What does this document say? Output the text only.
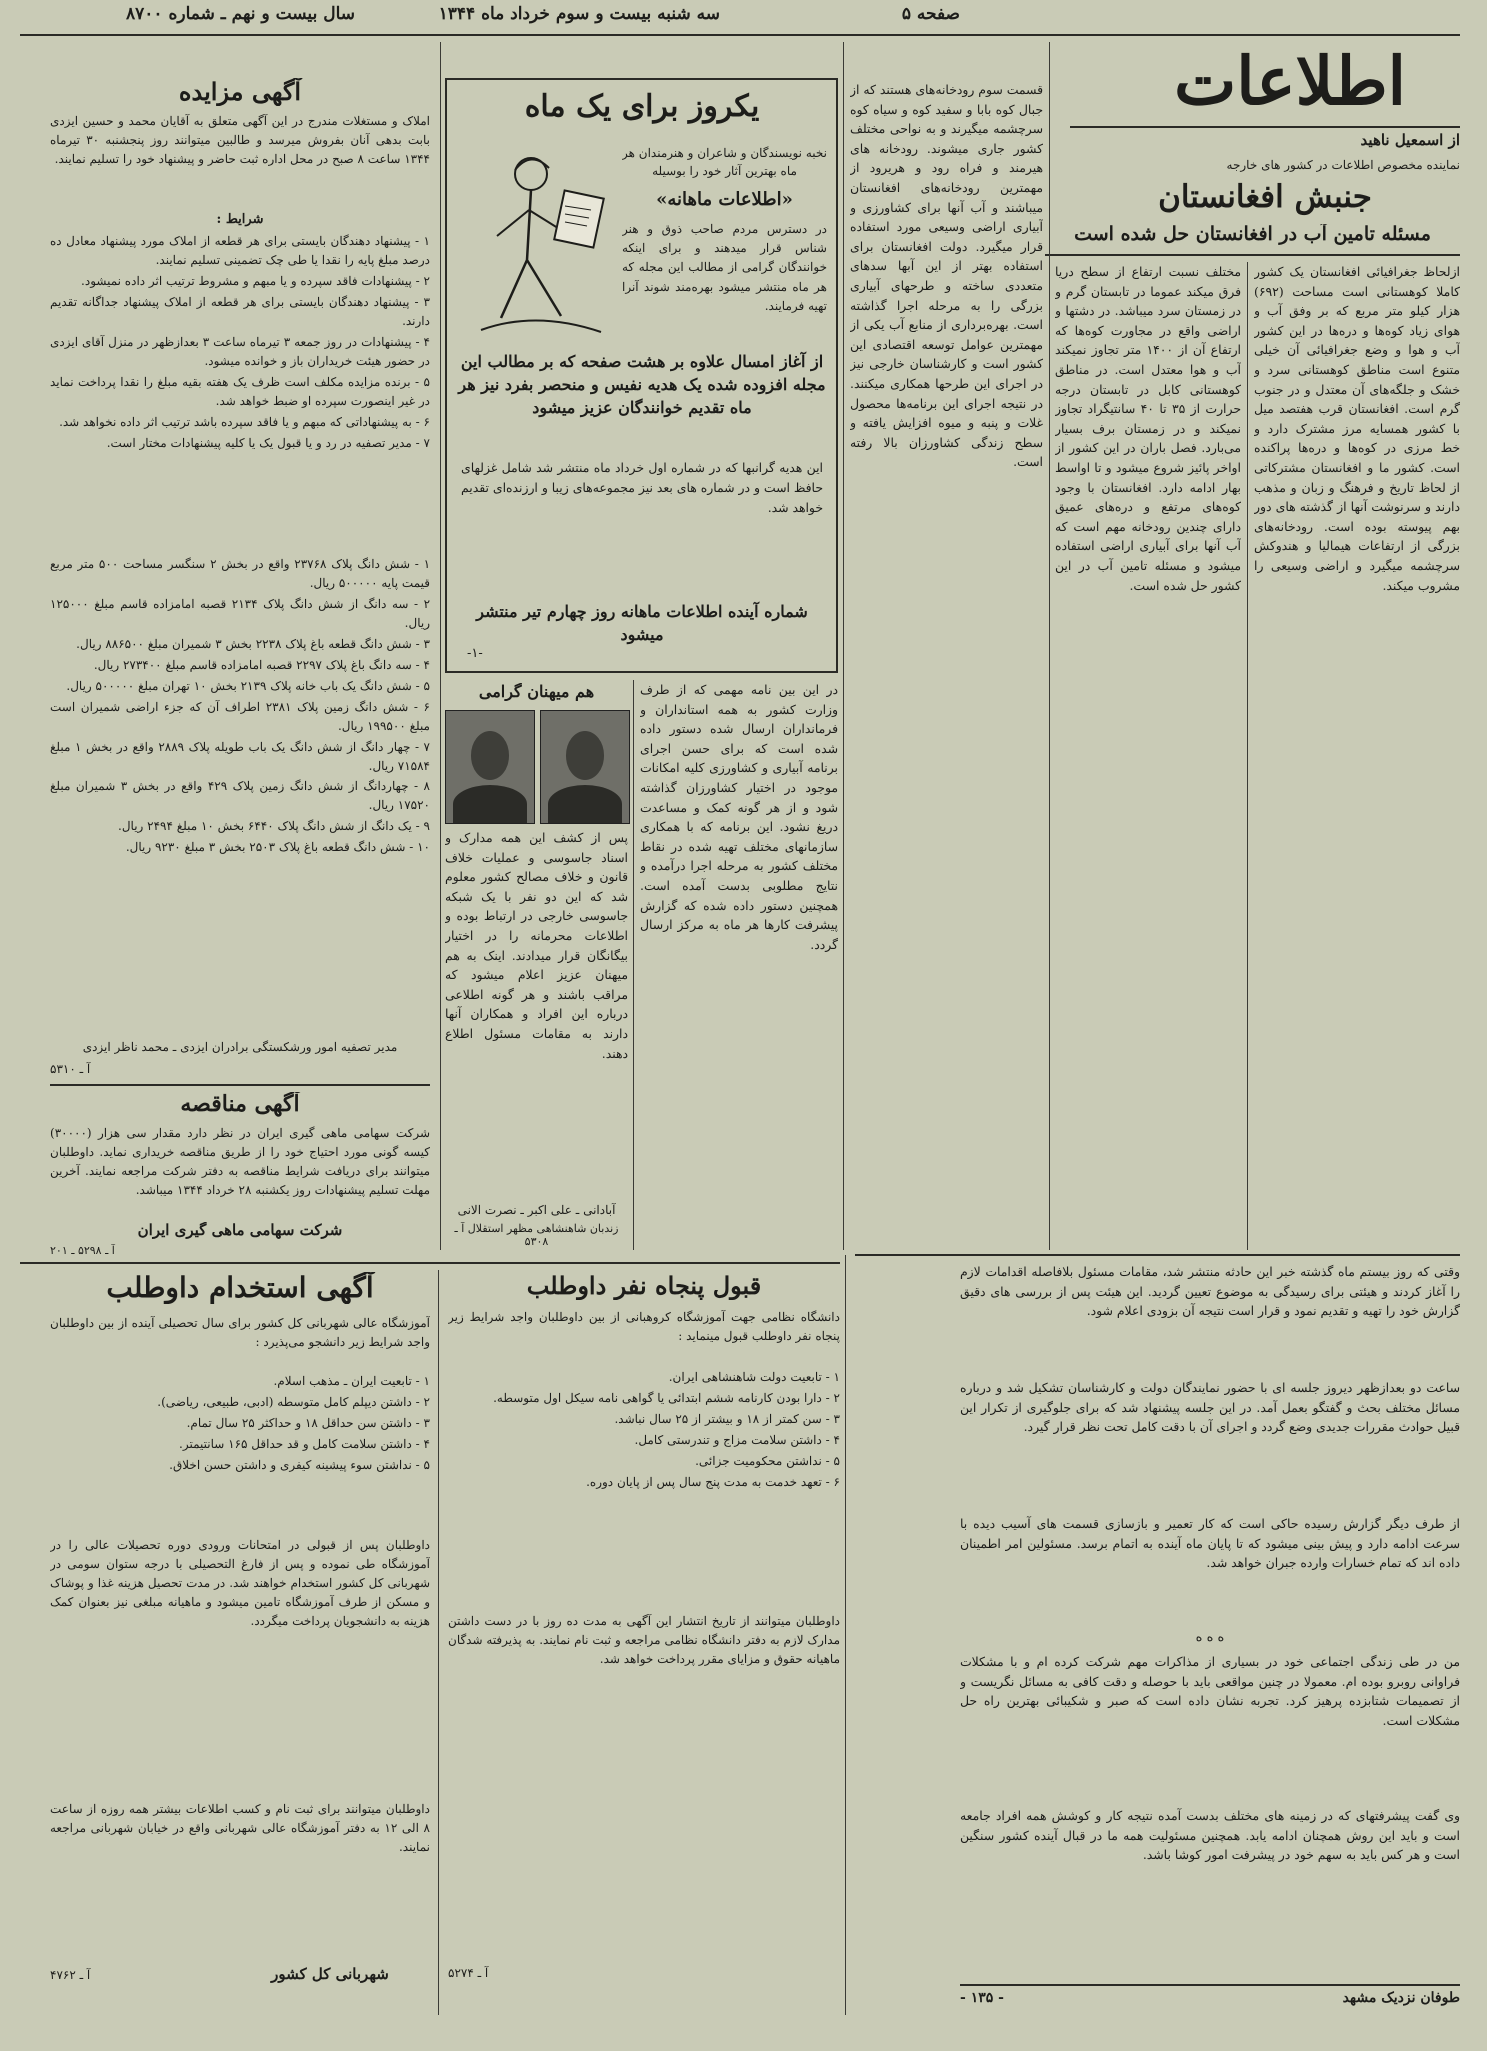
صفحه ۵
سه شنبه بیست و سوم خرداد ماه ۱۳۴۴
سال بیست و نهم ـ شماره ۸۷۰۰
اطلاعات
از اسمعیل ناهید
نماینده مخصوص اطلاعات در کشور های خارجه
جنبش افغانستان
مسئله تامین آب در افغانستان حل شده است
ازلحاظ جغرافیائی افغانستان یک کشور کاملا کوهستانی است مساحت (۶۹۲) هزار کیلو متر مربع که بر وفق آب و هوای زیاد کوه‌ها و دره‌ها در این کشور آب و هوا و وضع جغرافیائی آن خیلی متنوع است مناطق کوهستانی سرد و خشک و جلگه‌های آن معتدل و در جنوب گرم است. افغانستان قرب هفتصد میل با کشور همسایه مرز مشترک دارد و خط مرزی در کوه‌ها و دره‌ها پراکنده است. کشور ما و افغانستان مشترکاتی از لحاظ تاریخ و فرهنگ و زبان و مذهب دارند و سرنوشت آنها از گذشته های دور بهم پیوسته بوده است. رودخانه‌های بزرگی از ارتفاعات هیمالیا و هندوکش سرچشمه میگیرد و اراضی وسیعی را مشروب میکند.
مختلف نسبت ارتفاع از سطح دریا فرق میکند عموما در تابستان گرم و در زمستان سرد میباشد. در دشتها و اراضی واقع در مجاورت کوه‌ها که ارتفاع آن از ۱۴۰۰ متر تجاوز نمیکند آب و هوا معتدل است. در مناطق کوهستانی کابل در تابستان درجه حرارت از ۳۵ تا ۴۰ سانتیگراد تجاوز نمیکند و در زمستان برف بسیار می‌بارد. فصل باران در این کشور از اواخر پائیز شروع میشود و تا اواسط بهار ادامه دارد. افغانستان با وجود کوه‌های مرتفع و دره‌های عمیق دارای چندین رودخانه مهم است که آب آنها برای آبیاری اراضی استفاده میشود و مسئله تامین آب در این کشور حل شده است.
قسمت سوم رودخانه‌های هستند که از جبال کوه بابا و سفید کوه و سیاه کوه سرچشمه میگیرند و به نواحی مختلف کشور جاری میشوند. رودخانه های هیرمند و فراه رود و هریرود از مهمترین رودخانه‌های افغانستان میباشند و آب آنها برای کشاورزی و آبیاری اراضی وسیعی مورد استفاده قرار میگیرد. دولت افغانستان برای استفاده بهتر از این آبها سدهای متعددی ساخته و طرحهای آبیاری بزرگی را به مرحله اجرا گذاشته است. بهره‌برداری از منابع آب یکی از مهمترین عوامل توسعه اقتصادی این کشور است و کارشناسان خارجی نیز در اجرای این طرحها همکاری میکنند. در نتیجه اجرای این برنامه‌ها محصول غلات و پنبه و میوه افزایش یافته و سطح زندگی کشاورزان بالا رفته است.
یکروز برای یک ماه
نخبه نویسندگان و شاعران و هنرمندان هر ماه بهترین آثار خود را بوسیله
«اطلاعات ماهانه»
در دسترس مردم صاحب ذوق و هنر شناس قرار میدهند و برای اینکه خوانندگان گرامی از مطالب این مجله که هر ماه منتشر میشود بهره‌مند شوند آنرا تهیه فرمایند.
از آغاز امسال علاوه بر هشت صفحه که بر مطالب این مجله افزوده شده یک هدیه نفیس و منحصر بفرد نیز هر ماه تقدیم خوانندگان عزیز میشود
این هدیه گرانبها که در شماره اول خرداد ماه منتشر شد شامل غزلهای حافظ است و در شماره های بعد نیز مجموعه‌های زیبا و ارزنده‌ای تقدیم خواهد شد.
شماره آینده اطلاعات ماهانه روز چهارم تیر منتشر میشود
-۱-
در این بین نامه مهمی که از طرف وزارت کشور به همه استانداران و فرمانداران ارسال شده دستور داده شده است که برای حسن اجرای برنامه آبیاری و کشاورزی کلیه امکانات موجود در اختیار کشاورزان گذاشته شود و از هر گونه کمک و مساعدت دریغ نشود. این برنامه که با همکاری سازمانهای مختلف تهیه شده در نقاط مختلف کشور به مرحله اجرا درآمده و نتایج مطلوبی بدست آمده است. همچنین دستور داده شده که گزارش پیشرفت کارها هر ماه به مرکز ارسال گردد.
هم میهنان گرامی
پس از کشف این همه مدارک و اسناد جاسوسی و عملیات خلاف قانون و خلاف مصالح کشور معلوم شد که این دو نفر با یک شبکه جاسوسی خارجی در ارتباط بوده و اطلاعات محرمانه را در اختیار بیگانگان قرار میدادند. اینک به هم میهنان عزیز اعلام میشود که مراقب باشند و هر گونه اطلاعی درباره این افراد و همکاران آنها دارند به مقامات مسئول اطلاع دهند.
آبادانی ـ علی اکبر ـ نصرت الانی
زندبان شاهنشاهی مظهر استقلال آ ـ ۵۳۰۸
آگهی مزایده
املاک و مستغلات مندرج در این آگهی متعلق به آقایان محمد و حسین ایزدی بابت بدهی آنان بفروش میرسد و طالبین میتوانند روز پنجشنبه ۳۰ تیرماه ۱۳۴۴ ساعت ۸ صبح در محل اداره ثبت حاضر و پیشنهاد خود را تسلیم نمایند.
شرایط :
۱ - پیشنهاد دهندگان بایستی برای هر قطعه از املاک مورد پیشنهاد معادل ده درصد مبلغ پایه را نقدا یا طی چک تضمینی تسلیم نمایند.
۲ - پیشنهادات فاقد سپرده و یا مبهم و مشروط ترتیب اثر داده نمیشود.
۳ - پیشنهاد دهندگان بایستی برای هر قطعه از املاک پیشنهاد جداگانه تقدیم دارند.
۴ - پیشنهادات در روز جمعه ۳ تیرماه ساعت ۳ بعدازظهر در منزل آقای ایزدی در حضور هیئت خریداران باز و خوانده میشود.
۵ - برنده مزایده مکلف است ظرف یک هفته بقیه مبلغ را نقدا پرداخت نماید در غیر اینصورت سپرده او ضبط خواهد شد.
۶ - به پیشنهاداتی که مبهم و یا فاقد سپرده باشد ترتیب اثر داده نخواهد شد.
۷ - مدیر تصفیه در رد و یا قبول یک یا کلیه پیشنهادات مختار است.
۱ - شش دانگ پلاک ۲۳۷۶۸ واقع در بخش ۲ سنگسر مساحت ۵۰۰ متر مربع قیمت پایه ۵۰۰۰۰۰ ریال.
۲ - سه دانگ از شش دانگ پلاک ۲۱۳۴ قصبه امامزاده قاسم مبلغ ۱۲۵۰۰۰ ریال.
۳ - شش دانگ قطعه باغ پلاک ۲۲۳۸ بخش ۳ شمیران مبلغ ۸۸۶۵۰۰ ریال.
۴ - سه دانگ باغ پلاک ۲۲۹۷ قصبه امامزاده قاسم مبلغ ۲۷۳۴۰۰ ریال.
۵ - شش دانگ یک باب خانه پلاک ۲۱۳۹ بخش ۱۰ تهران مبلغ ۵۰۰۰۰۰ ریال.
۶ - شش دانگ زمین پلاک ۲۳۸۱ اطراف آن که جزء اراضی شمیران است مبلغ ۱۹۹۵۰۰ ریال.
۷ - چهار دانگ از شش دانگ یک باب طویله پلاک ۲۸۸۹ واقع در بخش ۱ مبلغ ۷۱۵۸۴ ریال.
۸ - چهاردانگ از شش دانگ زمین پلاک ۴۲۹ واقع در بخش ۳ شمیران مبلغ ۱۷۵۲۰ ریال.
۹ - یک دانگ از شش دانگ پلاک ۶۴۴۰ بخش ۱۰ مبلغ ۲۴۹۴ ریال.
۱۰ - شش دانگ قطعه باغ پلاک ۲۵۰۳ بخش ۳ مبلغ ۹۲۳۰ ریال.
مدیر تصفیه امور ورشکستگی برادران ایزدی ـ محمد ناظر ایزدی
آ ـ ۵۳۱۰
آگهی مناقصه
شرکت سهامی ماهی گیری ایران در نظر دارد مقدار سی هزار (۳۰۰۰۰) کیسه گونی مورد احتیاج خود را از طریق مناقصه خریداری نماید. داوطلبان میتوانند برای دریافت شرایط مناقصه به دفتر شرکت مراجعه نمایند. آخرین مهلت تسلیم پیشنهادات روز یکشنبه ۲۸ خرداد ۱۳۴۴ میباشد.
شرکت سهامی ماهی گیری ایران
آ ـ ۵۲۹۸ ـ ۲۰۱
آگهی استخدام داوطلب
آموزشگاه عالی شهربانی کل کشور برای سال تحصیلی آینده از بین داوطلبان واجد شرایط زیر دانشجو می‌پذیرد :
۱ - تابعیت ایران ـ مذهب اسلام.
۲ - داشتن دیپلم کامل متوسطه (ادبی، طبیعی، ریاضی).
۳ - داشتن سن حداقل ۱۸ و حداکثر ۲۵ سال تمام.
۴ - داشتن سلامت کامل و قد حداقل ۱۶۵ سانتیمتر.
۵ - نداشتن سوء پیشینه کیفری و داشتن حسن اخلاق.
داوطلبان پس از قبولی در امتحانات ورودی دوره تحصیلات عالی را در آموزشگاه طی نموده و پس از فارغ التحصیلی با درجه ستوان سومی در شهربانی کل کشور استخدام خواهند شد. در مدت تحصیل هزینه غذا و پوشاک و مسکن از طرف آموزشگاه تامین میشود و ماهیانه مبلغی نیز بعنوان کمک هزینه به دانشجویان پرداخت میگردد.
داوطلبان میتوانند برای ثبت نام و کسب اطلاعات بیشتر همه روزه از ساعت ۸ الی ۱۲ به دفتر آموزشگاه عالی شهربانی واقع در خیابان شهربانی مراجعه نمایند.
شهربانی کل کشور
آ ـ ۴۷۶۲
قبول پنجاه نفر داوطلب
دانشگاه نظامی جهت آموزشگاه کروهبانی از بین داوطلبان واجد شرایط زیر پنجاه نفر داوطلب قبول مینماید :
۱ - تابعیت دولت شاهنشاهی ایران.
۲ - دارا بودن کارنامه ششم ابتدائی یا گواهی نامه سیکل اول متوسطه.
۳ - سن کمتر از ۱۸ و بیشتر از ۲۵ سال نباشد.
۴ - داشتن سلامت مزاج و تندرستی کامل.
۵ - نداشتن محکومیت جزائی.
۶ - تعهد خدمت به مدت پنج سال پس از پایان دوره.
داوطلبان میتوانند از تاریخ انتشار این آگهی به مدت ده روز با در دست داشتن مدارک لازم به دفتر دانشگاه نظامی مراجعه و ثبت نام نمایند. به پذیرفته شدگان ماهیانه حقوق و مزایای مقرر پرداخت خواهد شد.
آ ـ ۵۲۷۴
وقتی که روز بیستم ماه گذشته خبر این حادثه منتشر شد، مقامات مسئول بلافاصله اقدامات لازم را آغاز کردند و هیئتی برای رسیدگی به موضوع تعیین گردید. این هیئت پس از بررسی های دقیق گزارش خود را تهیه و تقدیم نمود و قرار است نتیجه آن بزودی اعلام شود.
ساعت دو بعدازظهر دیروز جلسه ای با حضور نمایندگان دولت و کارشناسان تشکیل شد و درباره مسائل مختلف بحث و گفتگو بعمل آمد. در این جلسه پیشنهاد شد که برای جلوگیری از تکرار این قبیل حوادث مقررات جدیدی وضع گردد و اجرای آن با دقت کامل تحت نظر قرار گیرد.
از طرف دیگر گزارش رسیده حاکی است که کار تعمیر و بازسازی قسمت های آسیب دیده با سرعت ادامه دارد و پیش بینی میشود که تا پایان ماه آینده به اتمام برسد. مسئولین امر اطمینان داده اند که تمام خسارات وارده جبران خواهد شد.
ه ه ه
من در طی زندگی اجتماعی خود در بسیاری از مذاکرات مهم شرکت کرده ام و با مشکلات فراوانی روبرو بوده ام. معمولا در چنین مواقعی باید با حوصله و دقت کافی به مسائل نگریست و از تصمیمات شتابزده پرهیز کرد. تجربه نشان داده است که صبر و شکیبائی بهترین راه حل مشکلات است.
وی گفت پیشرفتهای که در زمینه های مختلف بدست آمده نتیجه کار و کوشش همه افراد جامعه است و باید این روش همچنان ادامه یابد. همچنین مسئولیت همه ما در قبال آینده کشور سنگین است و هر کس باید به سهم خود در پیشرفت امور کوشا باشد.
طوفان نزدیک مشهد
- ۱۳۵ -
